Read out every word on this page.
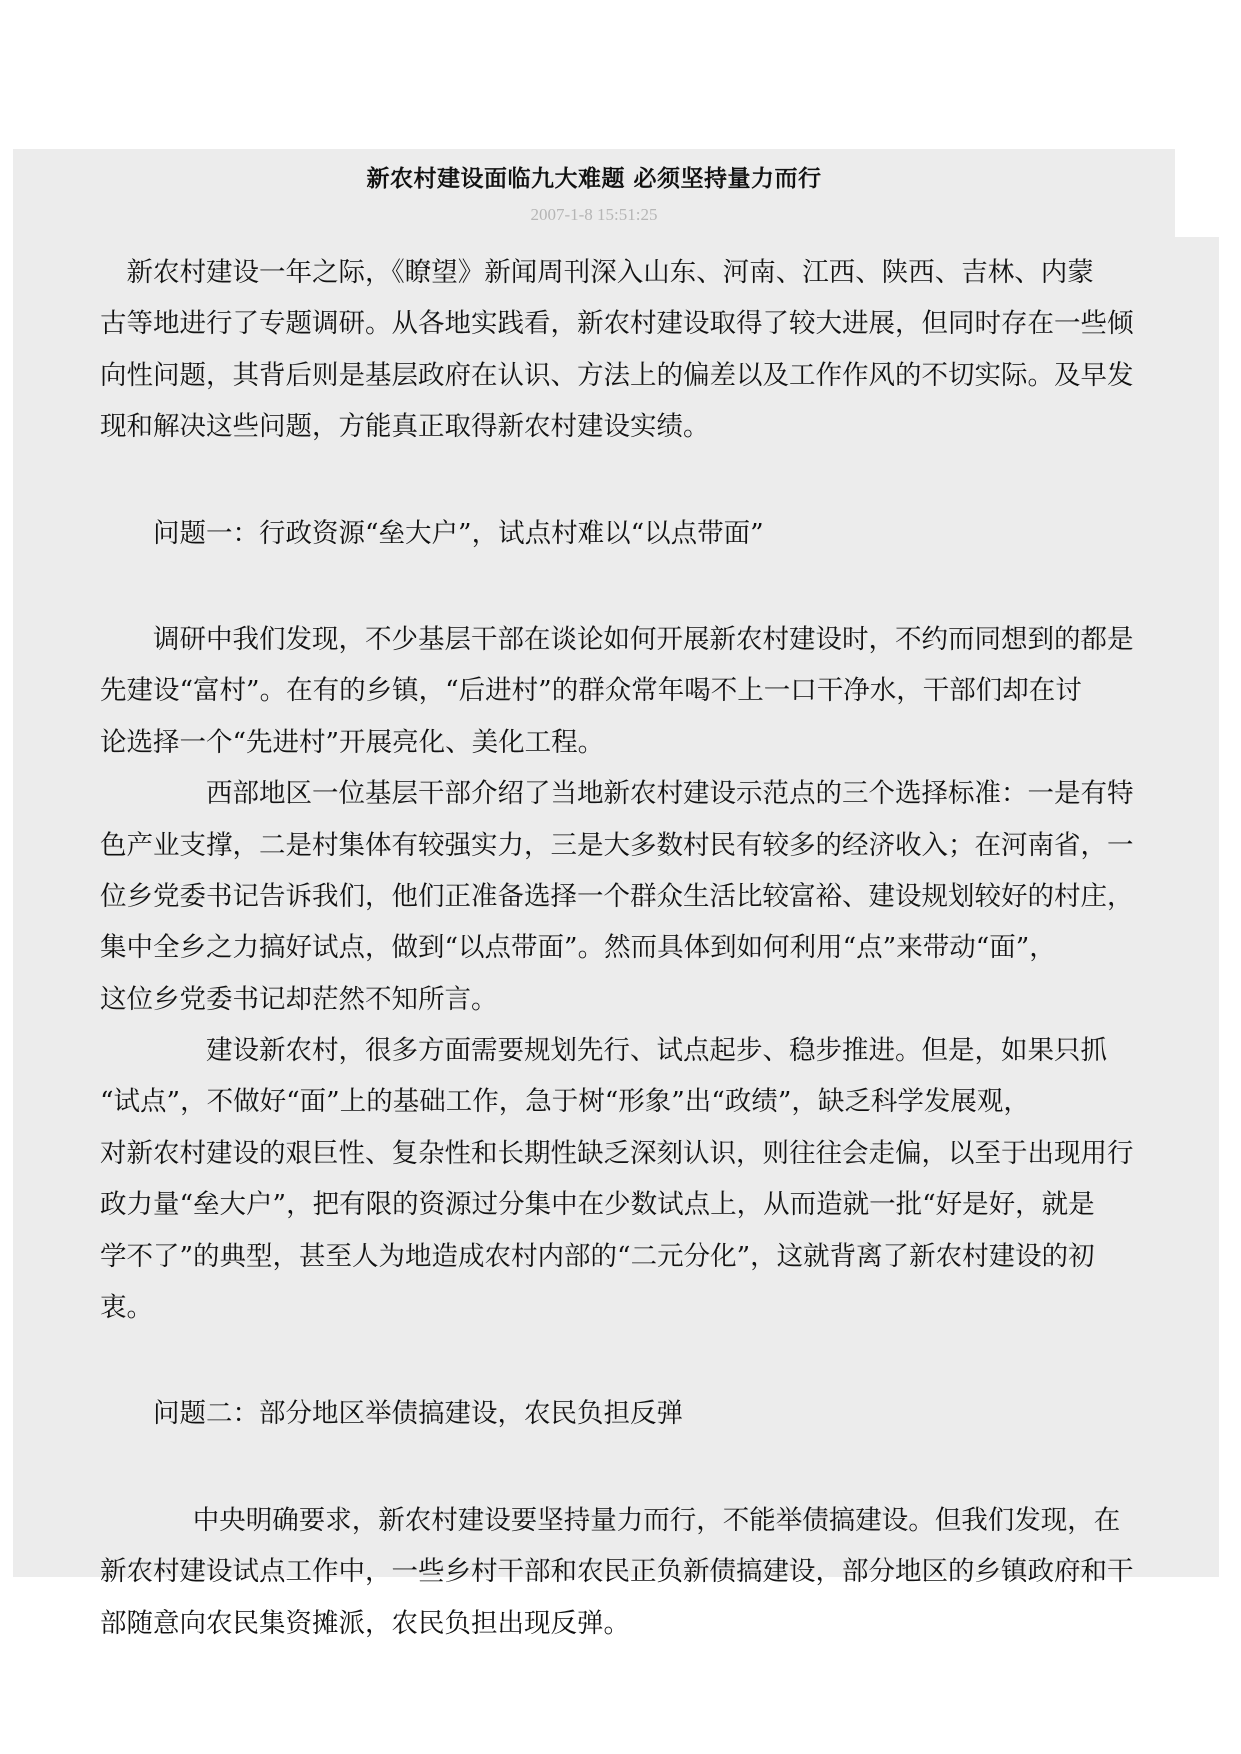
新农村建设面临九大难题 必须坚持量力而行
2007-1-8 15:51:25
新农村建设一年之际，《瞭望》新闻周刊深入山东、河南、江西、陕西、吉林、内蒙
古等地进行了专题调研。从各地实践看，新农村建设取得了较大进展，但同时存在一些倾
向性问题，其背后则是基层政府在认识、方法上的偏差以及工作作风的不切实际。及早发
现和解决这些问题，方能真正取得新农村建设实绩。
问题一：行政资源“垒大户”，试点村难以“以点带面”
调研中我们发现，不少基层干部在谈论如何开展新农村建设时，不约而同想到的都是
先建设“富村”。在有的乡镇，“后进村”的群众常年喝不上一口干净水，干部们却在讨
论选择一个“先进村”开展亮化、美化工程。
西部地区一位基层干部介绍了当地新农村建设示范点的三个选择标准：一是有特
色产业支撑，二是村集体有较强实力，三是大多数村民有较多的经济收入；在河南省，一
位乡党委书记告诉我们，他们正准备选择一个群众生活比较富裕、建设规划较好的村庄，
集中全乡之力搞好试点，做到“以点带面”。然而具体到如何利用“点”来带动“面”，
这位乡党委书记却茫然不知所言。
建设新农村，很多方面需要规划先行、试点起步、稳步推进。但是，如果只抓
“试点”，不做好“面”上的基础工作，急于树“形象”出“政绩”，缺乏科学发展观，
对新农村建设的艰巨性、复杂性和长期性缺乏深刻认识，则往往会走偏，以至于出现用行
政力量“垒大户”，把有限的资源过分集中在少数试点上，从而造就一批“好是好，就是
学不了”的典型，甚至人为地造成农村内部的“二元分化”，这就背离了新农村建设的初
衷。
问题二：部分地区举债搞建设，农民负担反弹
中央明确要求，新农村建设要坚持量力而行，不能举债搞建设。但我们发现，在
新农村建设试点工作中，一些乡村干部和农民正负新债搞建设，部分地区的乡镇政府和干
部随意向农民集资摊派，农民负担出现反弹。
